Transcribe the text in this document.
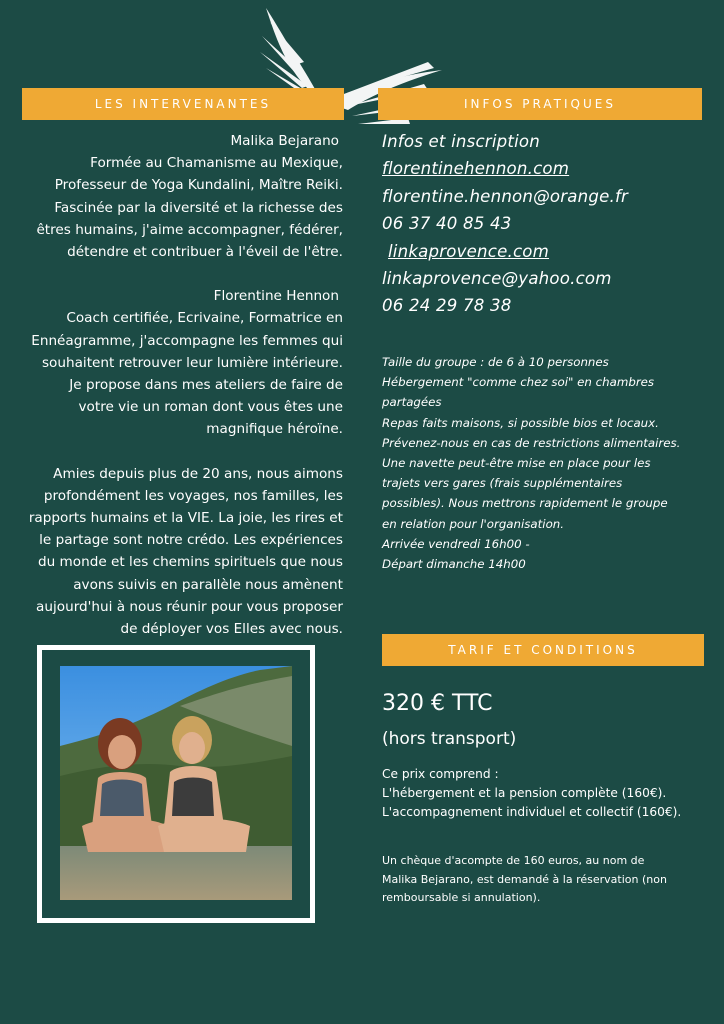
LES INTERVENANTES	INFOS PRATIQUES

Malika Bejarano

Formée au Chamanisme au Mexique,

Professeur de Yoga Kundalini, Maître Reiki.

Fascinée par la diversité et la richesse des

êtres humains, j'aime accompagner, fédérer,

détendre et contribuer à l'éveil de l'être.

Florentine Hennon

Coach certifiée, Ecrivaine, Formatrice en

Ennéagramme, j'accompagne les femmes qui

souhaitent retrouver leur lumière intérieure.

Je propose dans mes ateliers de faire de

votre vie un roman dont vous êtes une

magnifique héroïne.

Amies depuis plus de 20 ans, nous aimons

profondément les voyages, nos familles, les

rapports humains et la VIE. La joie, les rires et

le partage sont notre crédo. Les expériences

du monde et les chemins spirituels que nous

avons suivis en parallèle nous amènent

aujourd'hui à nous réunir pour vous proposer

de déployer vos Elles avec nous.

Infos et inscription
florentinehennon.com
florentine.hennon@orange.fr
06 37 40 85 43
linkaprovence.com
linkaprovence@yahoo.com
06 24 29 78 38
Taille du groupe : de 6 à 10 personnes
Hébergement "comme chez soi" en chambres
partagées
Repas faits maisons, si possible bios et locaux.
Prévenez-nous en cas de restrictions alimentaires.
Une navette peut-être mise en place pour les
trajets vers gares (frais supplémentaires
possibles). Nous mettrons rapidement le groupe
en relation pour l'organisation.
Arrivée vendredi 16h00 -
Départ dimanche 14h00
TARIF ET CONDITIONS
320 € TTC
(hors transport)
Ce prix comprend :
L'hébergement et la pension complète (160€).
L'accompagnement individuel et collectif (160€).
Un chèque d'acompte de 160 euros, au nom de
Malika Bejarano, est demandé à la réservation (non
remboursable si annulation).
